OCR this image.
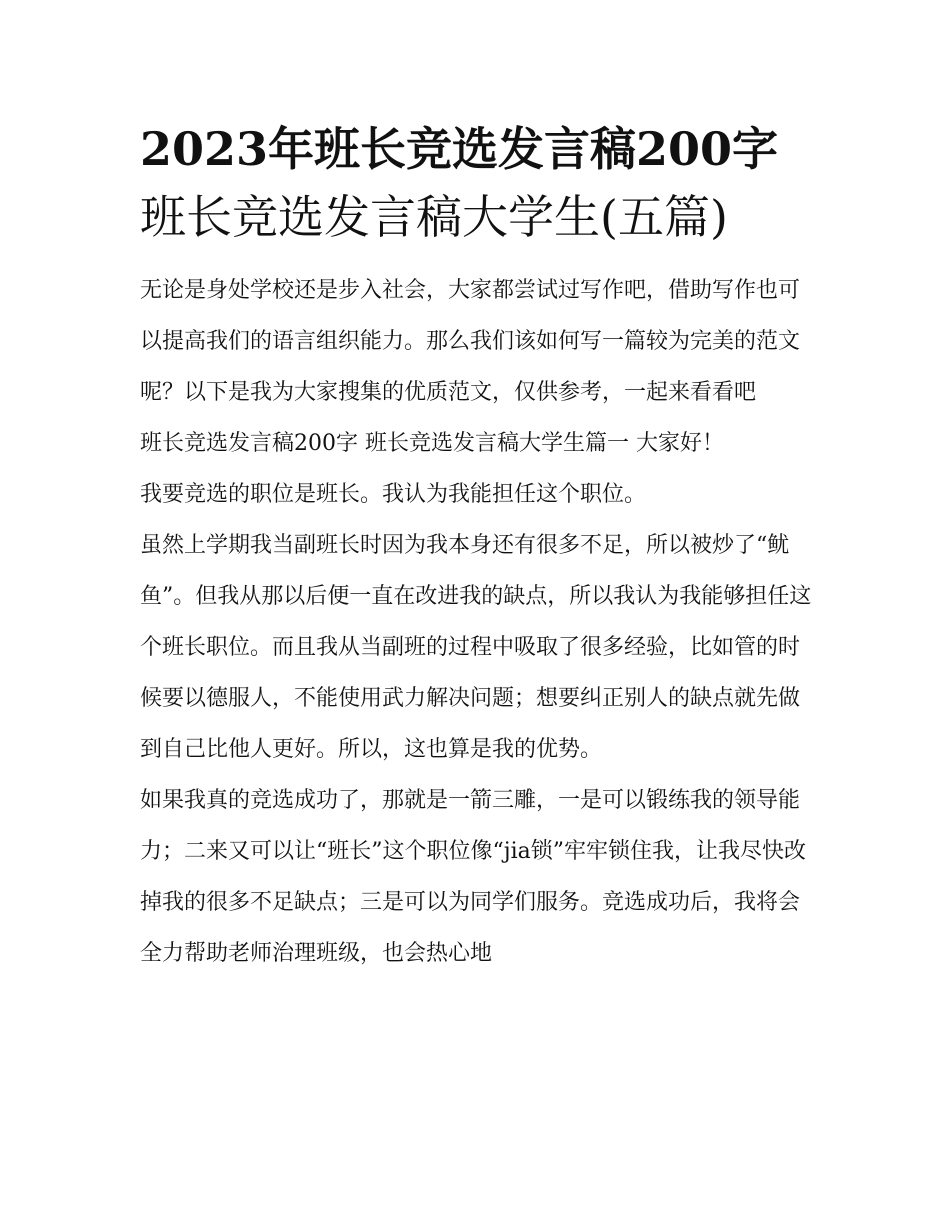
2023年班长竞选发言稿200字
班长竞选发言稿大学生(五篇)

无论是身处学校还是步入社会，大家都尝试过写作吧，借助写作也可以提高我们的语言组织能力。那么我们该如何写一篇较为完美的范文呢？以下是我为大家搜集的优质范文，仅供参考，一起来看看吧

班长竞选发言稿200字 班长竞选发言稿大学生篇一 大家好！

我要竞选的职位是班长。我认为我能担任这个职位。

虽然上学期我当副班长时因为我本身还有很多不足，所以被炒了“鱿鱼”。但我从那以后便一直在改进我的缺点，所以我认为我能够担任这个班长职位。而且我从当副班的过程中吸取了很多经验，比如管的时候要以德服人，不能使用武力解决问题；想要纠正别人的缺点就先做到自己比他人更好。所以，这也算是我的优势。

如果我真的竞选成功了，那就是一箭三雕，一是可以锻练我的领导能力；二来又可以让“班长”这个职位像“jia锁”牢牢锁住我，让我尽快改掉我的很多不足缺点；三是可以为同学们服务。竞选成功后，我将会全力帮助老师治理班级，也会热心地
